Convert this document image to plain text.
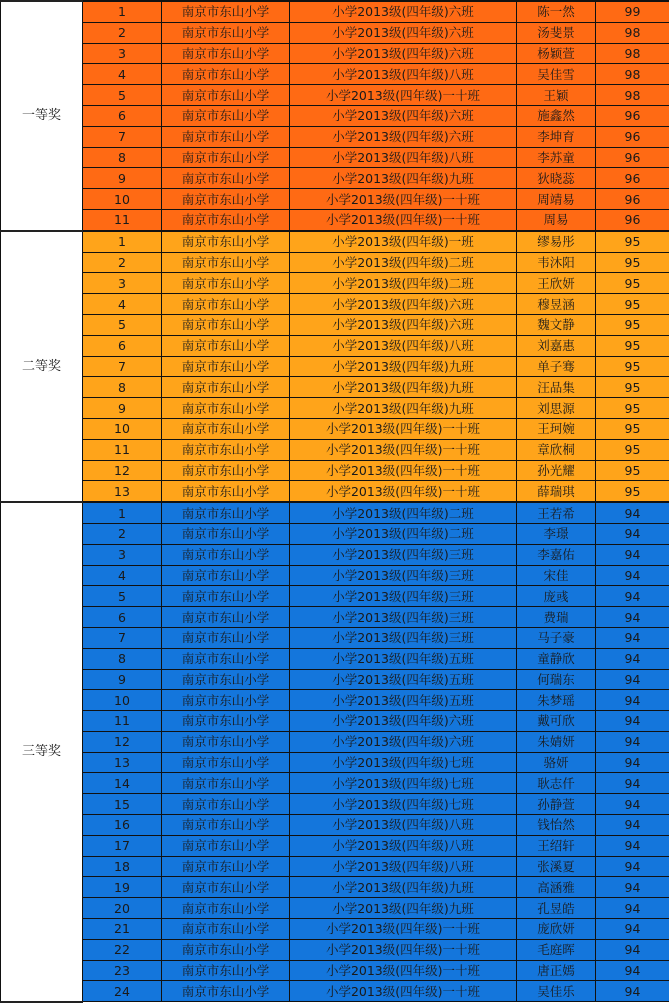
一等奖	1	南京市东山小学	小学2013级(四年级)六班	陈一然	99
	2	南京市东山小学	小学2013级(四年级)六班	汤斐景	98
	3	南京市东山小学	小学2013级(四年级)六班	杨颖萱	98
	4	南京市东山小学	小学2013级(四年级)八班	吴佳雪	98
	5	南京市东山小学	小学2013级(四年级)一十班	王颖	98
	6	南京市东山小学	小学2013级(四年级)六班	施鑫然	96
	7	南京市东山小学	小学2013级(四年级)六班	李坤育	96
	8	南京市东山小学	小学2013级(四年级)八班	李苏童	96
	9	南京市东山小学	小学2013级(四年级)九班	狄晓蕊	96
	10	南京市东山小学	小学2013级(四年级)一十班	周靖易	96
	11	南京市东山小学	小学2013级(四年级)一十班	周易	96
二等奖	1	南京市东山小学	小学2013级(四年级)一班	缪易彤	95
	2	南京市东山小学	小学2013级(四年级)二班	韦沐阳	95
	3	南京市东山小学	小学2013级(四年级)二班	王欣妍	95
	4	南京市东山小学	小学2013级(四年级)六班	穆昱涵	95
	5	南京市东山小学	小学2013级(四年级)六班	魏文静	95
	6	南京市东山小学	小学2013级(四年级)八班	刘嘉惠	95
	7	南京市东山小学	小学2013级(四年级)九班	单子骞	95
	8	南京市东山小学	小学2013级(四年级)九班	汪品集	95
	9	南京市东山小学	小学2013级(四年级)九班	刘思源	95
	10	南京市东山小学	小学2013级(四年级)一十班	王珂婉	95
	11	南京市东山小学	小学2013级(四年级)一十班	章欣桐	95
	12	南京市东山小学	小学2013级(四年级)一十班	孙光耀	95
	13	南京市东山小学	小学2013级(四年级)一十班	薛瑞琪	95
三等奖	1	南京市东山小学	小学2013级(四年级)二班	王若希	94
	2	南京市东山小学	小学2013级(四年级)二班	李璟	94
	3	南京市东山小学	小学2013级(四年级)三班	李嘉佑	94
	4	南京市东山小学	小学2013级(四年级)三班	宋佳	94
	5	南京市东山小学	小学2013级(四年级)三班	庞彧	94
	6	南京市东山小学	小学2013级(四年级)三班	费瑞	94
	7	南京市东山小学	小学2013级(四年级)三班	马子豪	94
	8	南京市东山小学	小学2013级(四年级)五班	童静欣	94
	9	南京市东山小学	小学2013级(四年级)五班	何瑞东	94
	10	南京市东山小学	小学2013级(四年级)五班	朱梦瑶	94
	11	南京市东山小学	小学2013级(四年级)六班	戴可欣	94
	12	南京市东山小学	小学2013级(四年级)六班	朱婧妍	94
	13	南京市东山小学	小学2013级(四年级)七班	骆妍	94
	14	南京市东山小学	小学2013级(四年级)七班	耿志仟	94
	15	南京市东山小学	小学2013级(四年级)七班	孙静萱	94
	16	南京市东山小学	小学2013级(四年级)八班	钱怡然	94
	17	南京市东山小学	小学2013级(四年级)八班	王绍轩	94
	18	南京市东山小学	小学2013级(四年级)八班	张溪夏	94
	19	南京市东山小学	小学2013级(四年级)九班	高涵雅	94
	20	南京市东山小学	小学2013级(四年级)九班	孔昱皓	94
	21	南京市东山小学	小学2013级(四年级)一十班	庞欣妍	94
	22	南京市东山小学	小学2013级(四年级)一十班	毛庭晖	94
	23	南京市东山小学	小学2013级(四年级)一十班	唐正嫣	94
	24	南京市东山小学	小学2013级(四年级)一十班	吴佳乐	94
